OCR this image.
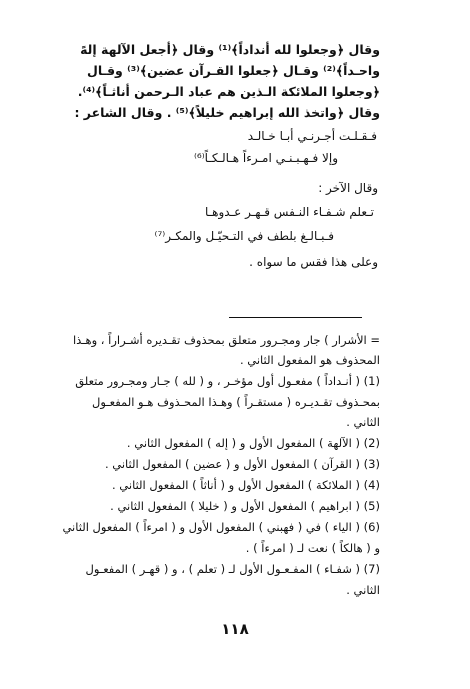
وقال ﴿وجعلوا لله أنداداً﴾⁽¹⁾ وقال ﴿أجعل الآلهة إلهً
واحـداً﴾⁽²⁾ وقـال ﴿جعلوا القـرآن عضين﴾⁽³⁾ وقـال
﴿وجعلوا الملائكة الـذين هم عباد الـرحمن أناثـاً﴾⁽⁴⁾.
وقال ﴿واتخذ الله إبراهيم خليلاً﴾⁽⁵⁾ . وقال الشاعر :
فـقـلـت أجـرنـي أبـا خـالـد
وإلا فـهـبـنـي امـرءاً هـالـكـاً⁽⁶⁾
وقال الآخر :
تـعلم شـفـاء النـفس قـهـر عـدوهـا
فـبـالـغ بلطف في التـحيّـل والمكـر⁽⁷⁾
وعلى هذا فقس ما سواه .
= الأشرار ) جار ومجـرور متعلق بمحذوف تقـديره أشـراراً ، وهـذا
المحذوف هو المفعول الثاني .
(1) ( أنـداداً ) مفعـول أول مؤخـر ، و ( لله ) جـار ومجـرور متعلق
بمحـذوف تقـديـره ( مستقـراً ) وهـذا المحـذوف هـو المفعـول
الثاني .
(2) ( الآلهة ) المفعول الأول و ( إله ) المفعول الثاني .
(3) ( القرآن ) المفعول الأول و ( عضين ) المفعول الثاني .
(4) ( الملائكة ) المفعول الأول و ( أناثاً ) المفعول الثاني .
(5) ( ابراهيم ) المفعول الأول و ( خليلا ) المفعول الثاني .
(6) ( الياء ) في ( فهبني ) المفعول الأول و ( امرءاً ) المفعول الثاني
و ( هالكاً ) نعت لـ ( امرءاً ) .
(7) ( شفـاء ) المفـعـول الأول لـ ( تعلم ) ، و ( قهـر ) المفعـول
الثاني .
١١٨
